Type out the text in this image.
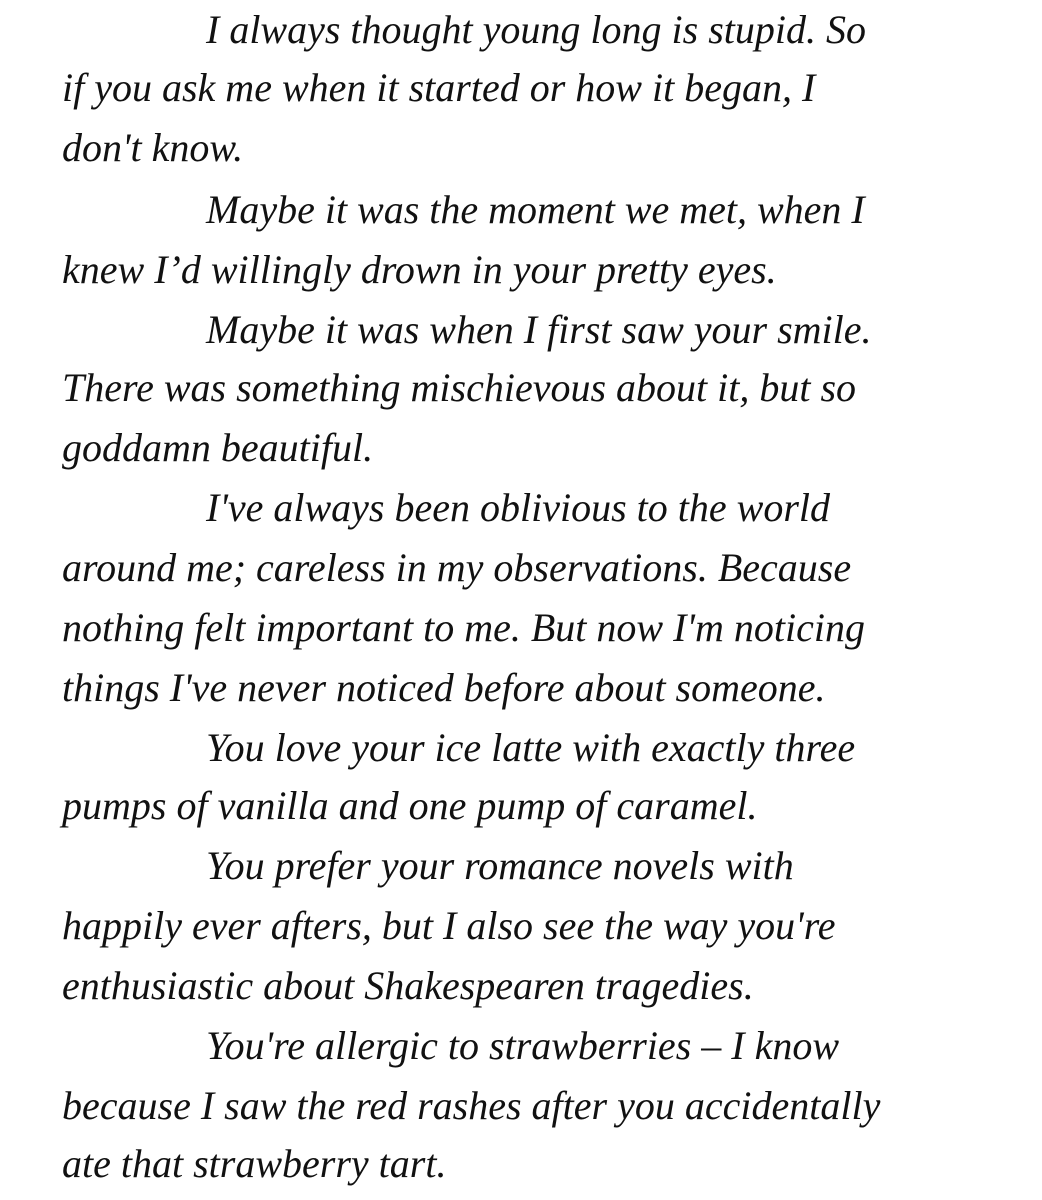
I always thought young long is stupid. So

if you ask me when it started or how it began, I

don't know.

Maybe it was the moment we met, when I

knew I’d willingly drown in your pretty eyes.

Maybe it was when I first saw your smile.

There was something mischievous about it, but so

goddamn beautiful.

I've always been oblivious to the world

around me; careless in my observations. Because

nothing felt important to me. But now I'm noticing

things I've never noticed before about someone.

You love your ice latte with exactly three

pumps of vanilla and one pump of caramel.

You prefer your romance novels with

happily ever afters, but I also see the way you're

enthusiastic about Shakespearen tragedies.

You're allergic to strawberries – I know

because I saw the red rashes after you accidentally

ate that strawberry tart.
